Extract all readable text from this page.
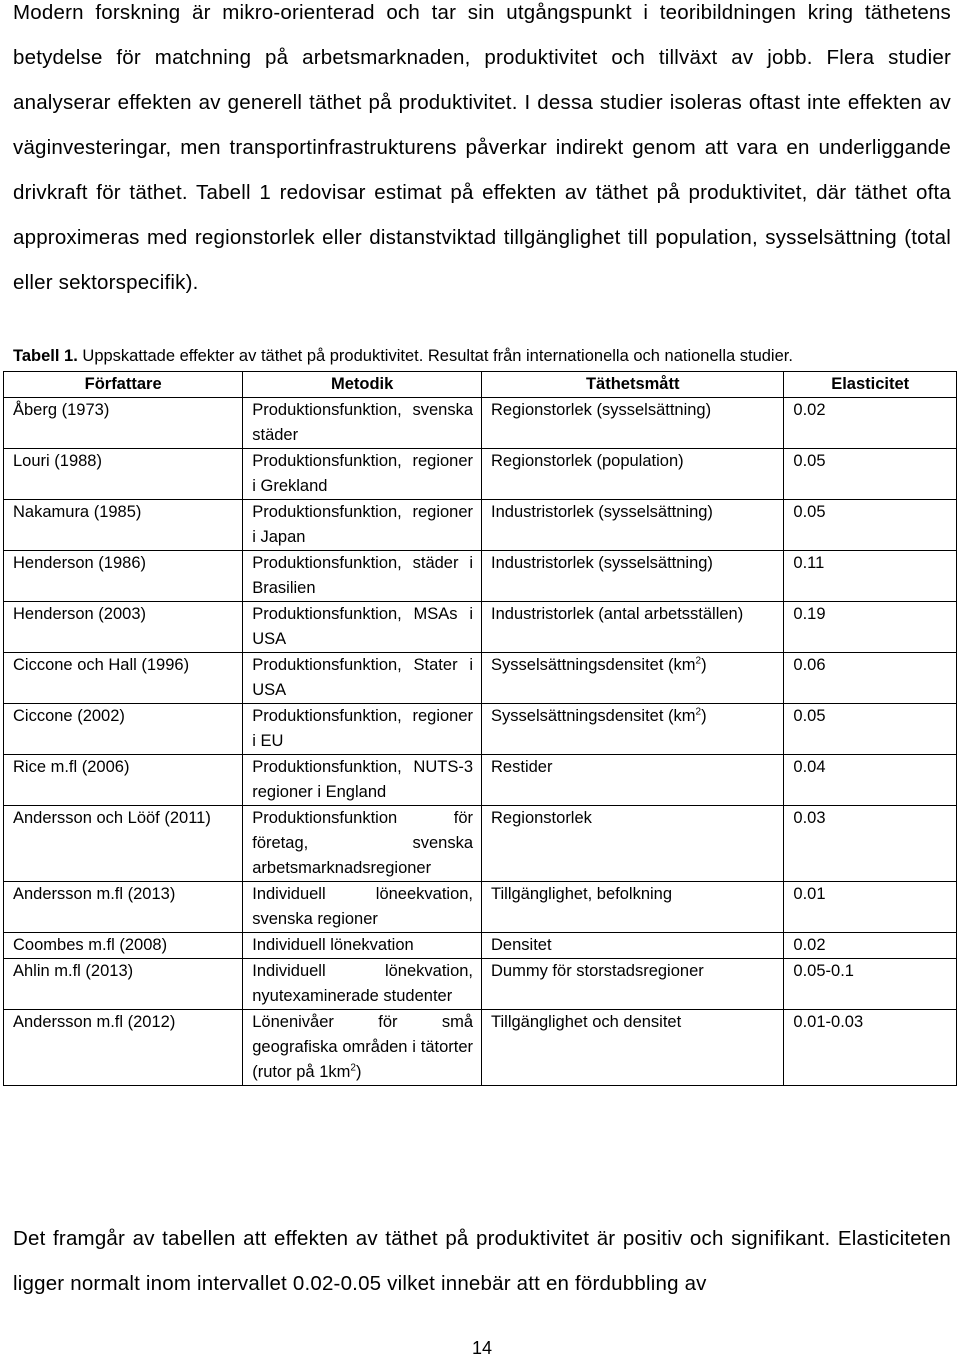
Modern forskning är mikro-orienterad och tar sin utgångspunkt i teoribildningen kring täthetens betydelse för matchning på arbetsmarknaden, produktivitet och tillväxt av jobb. Flera studier analyserar effekten av generell täthet på produktivitet. I dessa studier isoleras oftast inte effekten av väginvesteringar, men transportinfrastrukturens påverkar indirekt genom att vara en underliggande drivkraft för täthet. Tabell 1 redovisar estimat på effekten av täthet på produktivitet, där täthet ofta approximeras med regionstorlek eller distanstviktad tillgänglighet till population, sysselsättning (total eller sektorspecifik).

Tabell 1. Uppskattade effekter av täthet på produktivitet. Resultat från internationella och nationella studier.

Författare	Metodik	Täthetsmått	Elasticitet
Åberg (1973)	Produktionsfunktion, svenska städer	Regionstorlek (sysselsättning)	0.02
Louri (1988)	Produktionsfunktion, regioner i Grekland	Regionstorlek (population)	0.05
Nakamura (1985)	Produktionsfunktion, regioner i Japan	Industristorlek (sysselsättning)	0.05
Henderson (1986)	Produktionsfunktion, städer i Brasilien	Industristorlek (sysselsättning)	0.11
Henderson (2003)	Produktionsfunktion, MSAs i USA	Industristorlek (antal arbetsställen)	0.19
Ciccone och Hall (1996)	Produktionsfunktion, Stater i USA	Sysselsättningsdensitet $(km^2)$	0.06
Ciccone (2002)	Produktionsfunktion, regioner i EU	Sysselsättningsdensitet $(km^2)$	0.05
Rice m.fl (2006)	Produktionsfunktion, NUTS-3 regioner i England	Restider	0.04
Andersson och Lööf (2011)	Produktionsfunktion för företag, svenska arbetsmarknadsregioner	Regionstorlek	0.03
Andersson m.fl (2013)	Individuell löneekvation, svenska regioner	Tillgänglighet, befolkning	0.01
Coombes m.fl (2008)	Individuell lönekvation	Densitet	0.02
Ahlin m.fl (2013)	Individuell lönekvation, nyutexaminerade studenter	Dummy för storstadsregioner	0.05-0.1
Andersson m.fl (2012)	Lönenivåer för små geografiska områden i tätorter (rutor på $1km^2$)	Tillgänglighet och densitet	0.01-0.03

Det framgår av tabellen att effekten av täthet på produktivitet är positiv och signifikant. Elasticiteten ligger normalt inom intervallet 0.02-0.05 vilket innebär att en fördubbling av

14
